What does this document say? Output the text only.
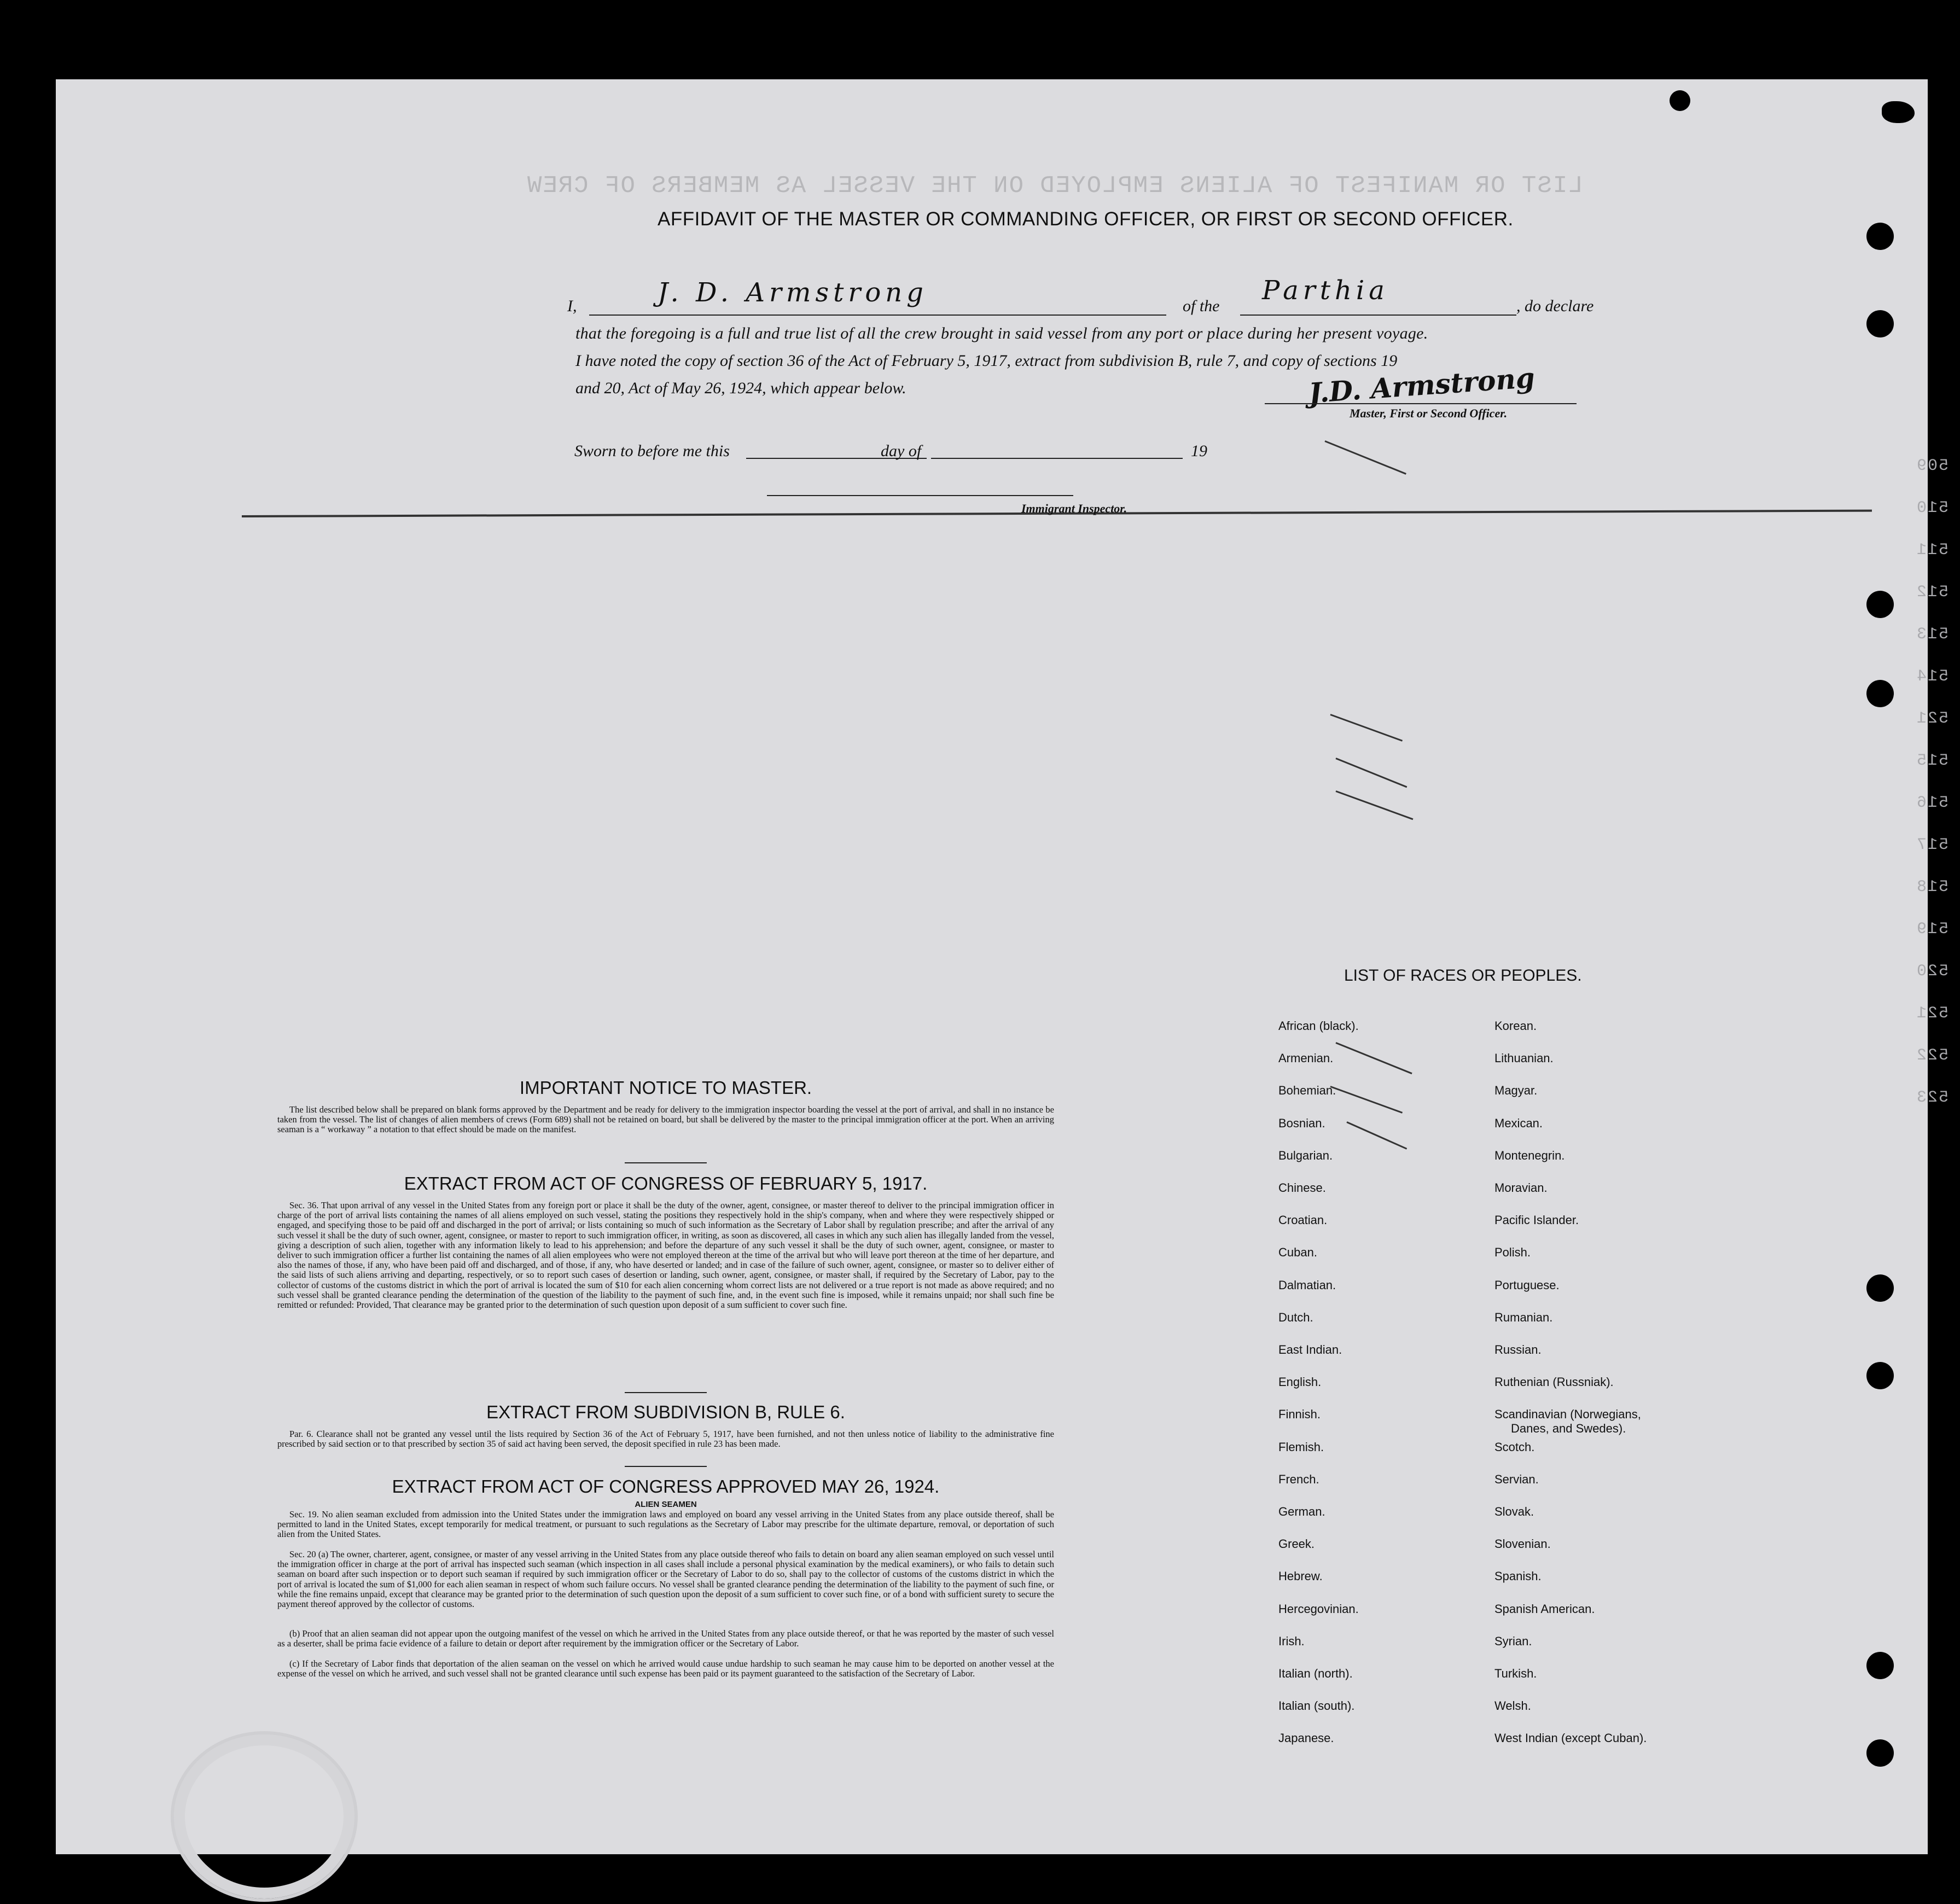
LIST OR MANIFEST OF ALIENS EMPLOYED ON THE VESSEL AS MEMBERS OF CREW
509
510
511
512
513
514
521
515
516
517
518
519
520
521
522
523
AFFIDAVIT OF THE MASTER OR COMMANDING OFFICER, OR FIRST OR SECOND OFFICER.
I,	J. D. Armstrong	of the
Parthia
, do declare
that the foregoing is a full and true list of all the crew brought in said vessel from any port or place during her present voyage.
I have noted the copy of section 36 of the Act of February 5, 1917, extract from subdivision B, rule 7, and copy of sections 19
and 20, Act of May 26, 1924, which appear below.	J.D. Armstrong
Master, First or Second Officer.
Sworn to before me this	day of	19
Immigrant Inspector.
IMPORTANT NOTICE TO MASTER.
The list described below shall be prepared on blank forms approved by the Department and be ready for delivery to the immigration inspector boarding the vessel at the port of arrival, and shall in no instance be taken from the vessel. The list of changes of alien members of crews (Form 689) shall not be retained on board, but shall be delivered by the master to the principal immigration officer at the port. When an arriving seaman is a “ workaway ” a notation to that effect should be made on the manifest.
EXTRACT FROM ACT OF CONGRESS OF FEBRUARY 5, 1917.
Sec. 36. That upon arrival of any vessel in the United States from any foreign port or place it shall be the duty of the owner, agent, consignee, or master thereof to deliver to the principal immigration officer in charge of the port of arrival lists containing the names of all aliens employed on such vessel, stating the positions they respectively hold in the ship's company, when and where they were respectively shipped or engaged, and specifying those to be paid off and discharged in the port of arrival; or lists containing so much of such information as the Secretary of Labor shall by regulation prescribe; and after the arrival of any such vessel it shall be the duty of such owner, agent, consignee, or master to report to such immigration officer, in writing, as soon as discovered, all cases in which any such alien has illegally landed from the vessel, giving a description of such alien, together with any information likely to lead to his apprehension; and before the departure of any such vessel it shall be the duty of such owner, agent, consignee, or master to deliver to such immigration officer a further list containing the names of all alien employees who were not employed thereon at the time of the arrival but who will leave port thereon at the time of her departure, and also the names of those, if any, who have been paid off and discharged, and of those, if any, who have deserted or landed; and in case of the failure of such owner, agent, consignee, or master so to deliver either of the said lists of such aliens arriving and departing, respectively, or so to report such cases of desertion or landing, such owner, agent, consignee, or master shall, if required by the Secretary of Labor, pay to the collector of customs of the customs district in which the port of arrival is located the sum of $10 for each alien concerning whom correct lists are not delivered or a true report is not made as above required; and no such vessel shall be granted clearance pending the determination of the question of the liability to the payment of such fine, and, in the event such fine is imposed, while it remains unpaid; nor shall such fine be remitted or refunded: Provided, That clearance may be granted prior to the determination of such question upon deposit of a sum sufficient to cover such fine.
EXTRACT FROM SUBDIVISION B, RULE 6.
Par. 6. Clearance shall not be granted any vessel until the lists required by Section 36 of the Act of February 5, 1917, have been furnished, and not then unless notice of liability to the administrative fine prescribed by said section or to that prescribed by section 35 of said act having been served, the deposit specified in rule 23 has been made.
EXTRACT FROM ACT OF CONGRESS APPROVED MAY 26, 1924.
ALIEN SEAMEN
Sec. 19. No alien seaman excluded from admission into the United States under the immigration laws and employed on board any vessel arriving in the United States from any place outside thereof, shall be permitted to land in the United States, except temporarily for medical treatment, or pursuant to such regulations as the Secretary of Labor may prescribe for the ultimate departure, removal, or deportation of such alien from the United States.
Sec. 20 (a) The owner, charterer, agent, consignee, or master of any vessel arriving in the United States from any place outside thereof who fails to detain on board any alien seaman employed on such vessel until the immigration officer in charge at the port of arrival has inspected such seaman (which inspection in all cases shall include a personal physical examination by the medical examiners), or who fails to detain such seaman on board after such inspection or to deport such seaman if required by such immigration officer or the Secretary of Labor to do so, shall pay to the collector of customs of the customs district in which the port of arrival is located the sum of $1,000 for each alien seaman in respect of whom such failure occurs. No vessel shall be granted clearance pending the determination of the liability to the payment of such fine, or while the fine remains unpaid, except that clearance may be granted prior to the determination of such question upon the deposit of a sum sufficient to cover such fine, or of a bond with sufficient surety to secure the payment thereof approved by the collector of customs.
(b) Proof that an alien seaman did not appear upon the outgoing manifest of the vessel on which he arrived in the United States from any place outside thereof, or that he was reported by the master of such vessel as a deserter, shall be prima facie evidence of a failure to detain or deport after requirement by the immigration officer or the Secretary of Labor.
(c) If the Secretary of Labor finds that deportation of the alien seaman on the vessel on which he arrived would cause undue hardship to such seaman he may cause him to be deported on another vessel at the expense of the vessel on which he arrived, and such vessel shall not be granted clearance until such expense has been paid or its payment guaranteed to the satisfaction of the Secretary of Labor.
LIST OF RACES OR PEOPLES.
African (black).
Armenian.
Bohemian.
Bosnian.
Bulgarian.
Chinese.
Croatian.
Cuban.
Dalmatian.
Dutch.
East Indian.
English.
Finnish.
Flemish.
French.
German.
Greek.
Hebrew.
Hercegovinian.
Irish.
Italian (north).
Italian (south).
Japanese.
Korean.
Lithuanian.
Magyar.
Mexican.
Montenegrin.
Moravian.
Pacific Islander.
Polish.
Portuguese.
Rumanian.
Russian.
Ruthenian (Russniak).
Scandinavian (Norwegians,
Danes, and Swedes).
Scotch.
Servian.
Slovak.
Slovenian.
Spanish.
Spanish American.
Syrian.
Turkish.
Welsh.
West Indian (except Cuban).
